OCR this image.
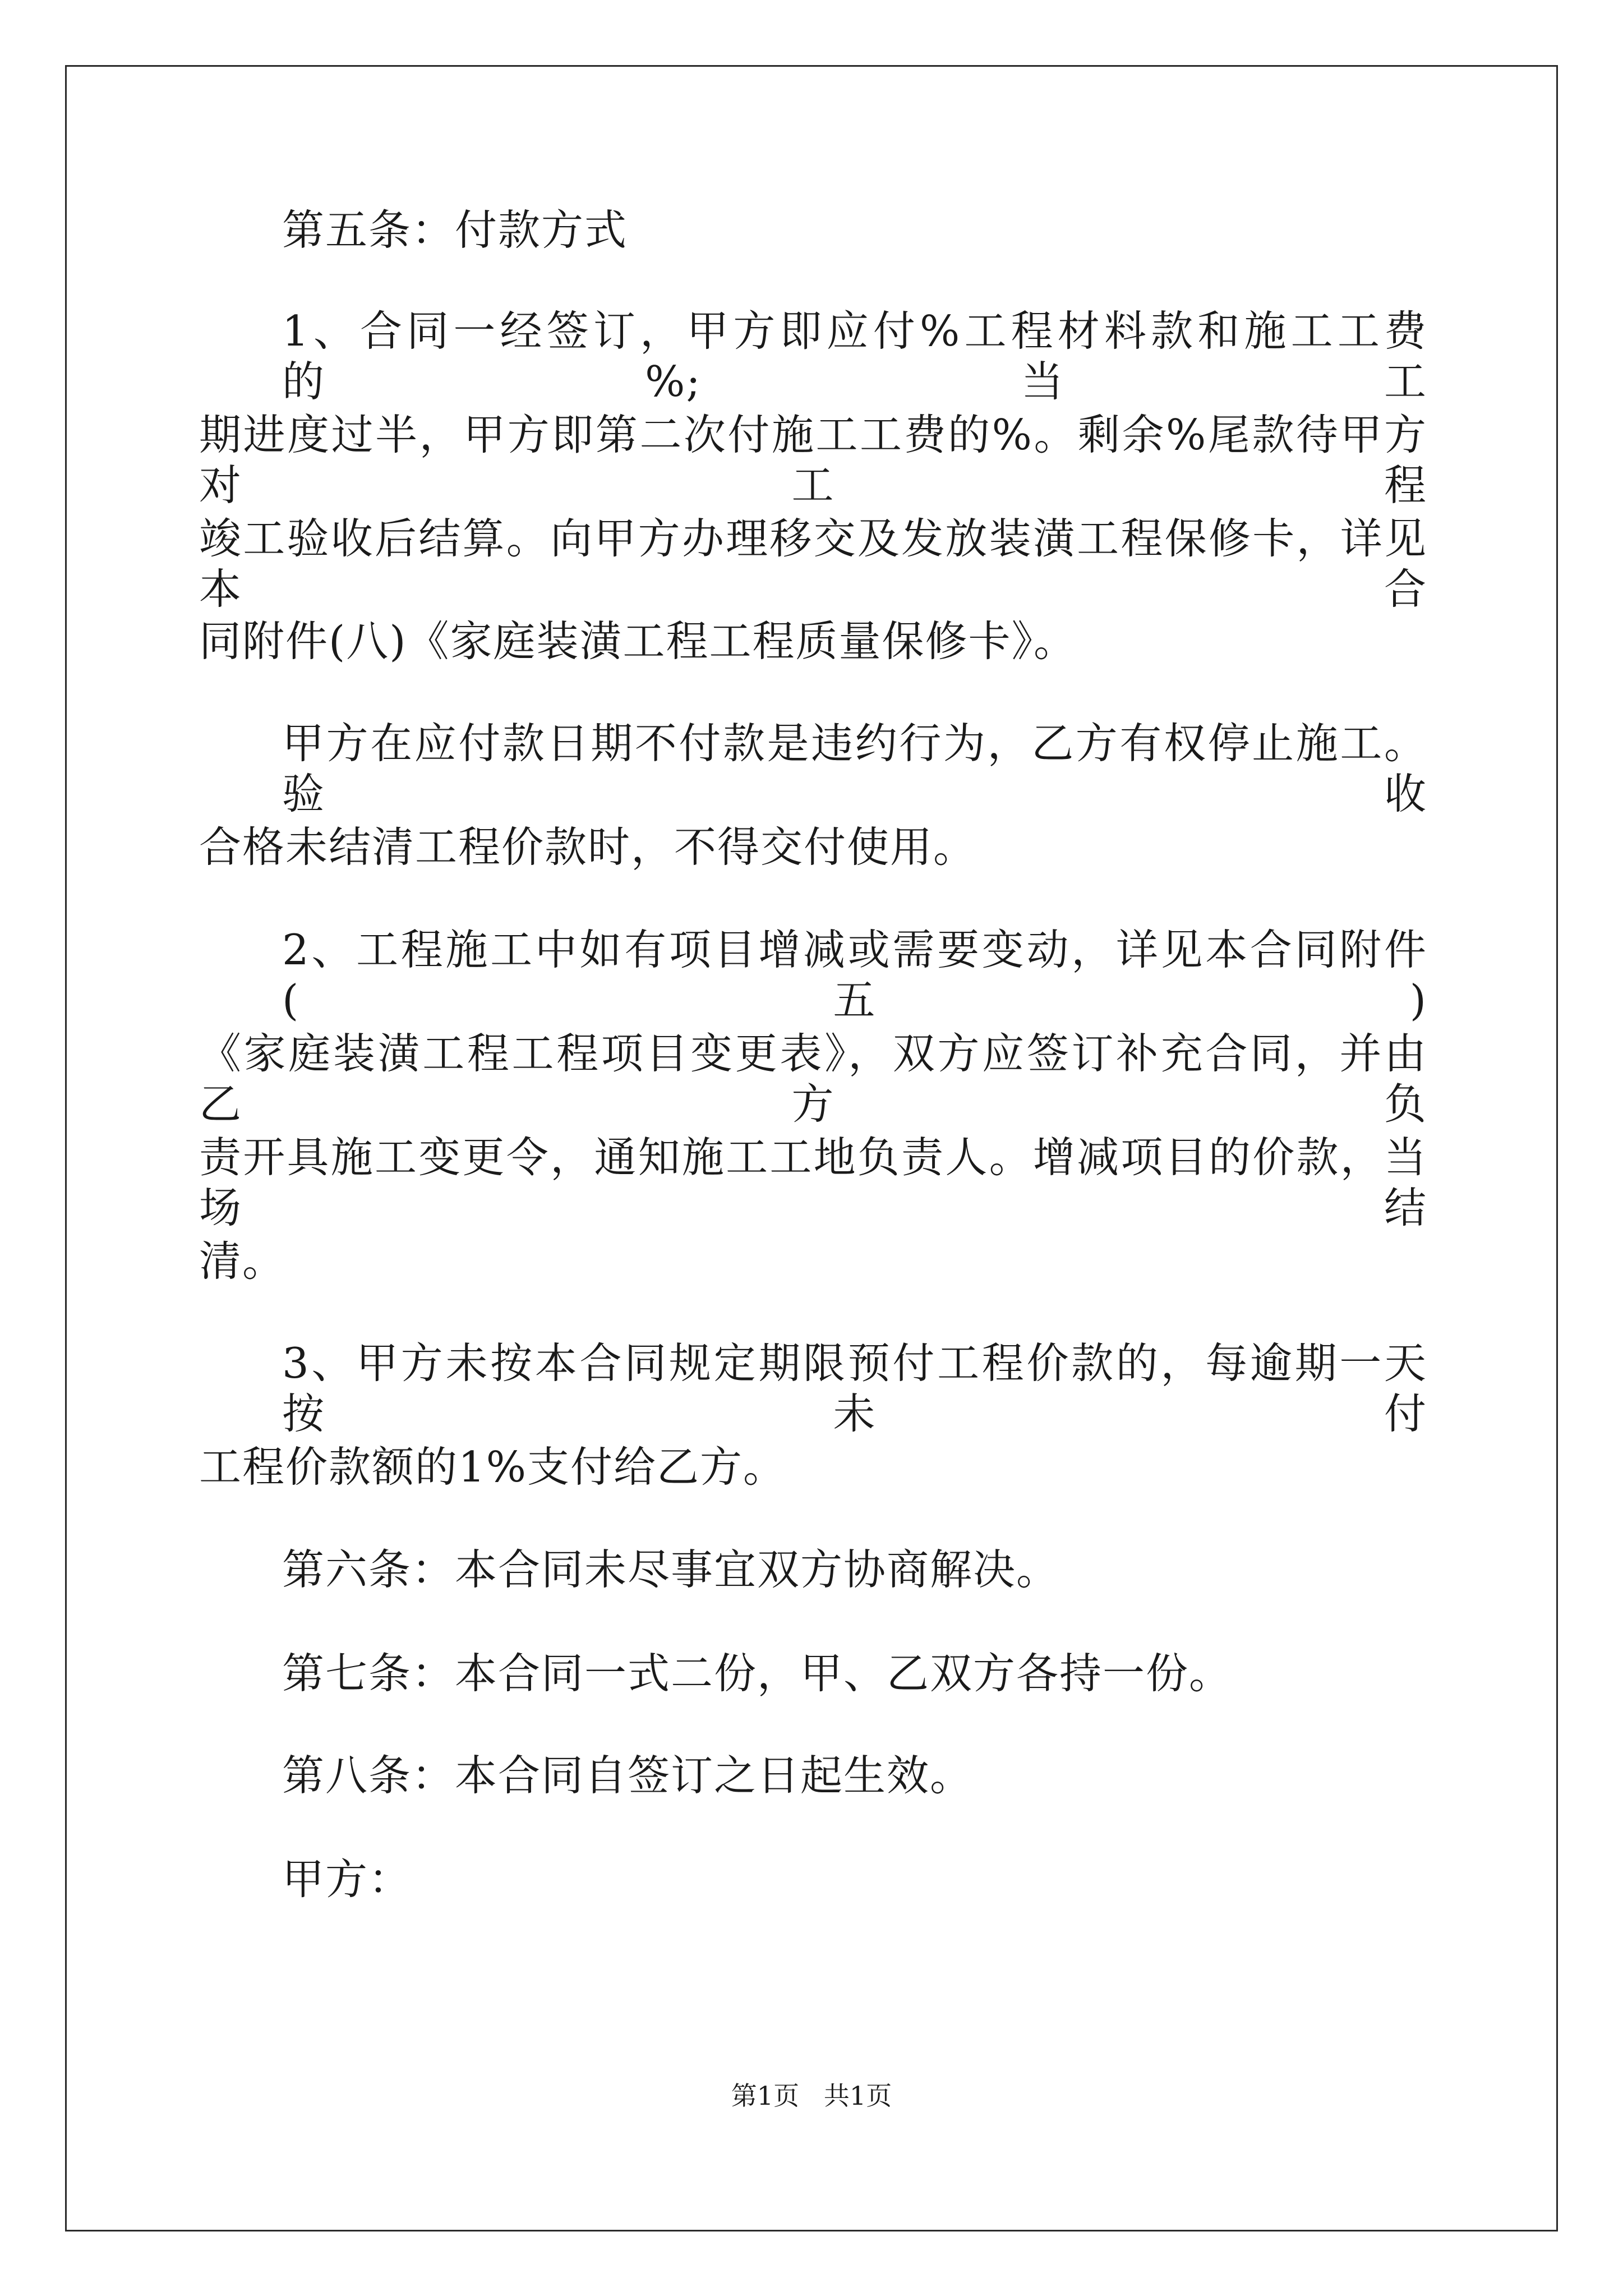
第五条：付款方式
1、合同一经签订，甲方即应付%工程材料款和施工工费的%;当工
期进度过半，甲方即第二次付施工工费的%。剩余%尾款待甲方对工程
竣工验收后结算。向甲方办理移交及发放装潢工程保修卡，详见本合
同附件(八)《家庭装潢工程工程质量保修卡》。
甲方在应付款日期不付款是违约行为，乙方有权停止施工。验收
合格未结清工程价款时，不得交付使用。
2、工程施工中如有项目增减或需要变动，详见本合同附件(五)
《家庭装潢工程工程项目变更表》，双方应签订补充合同，并由乙方负
责开具施工变更令，通知施工工地负责人。增减项目的价款，当场结
清。
3、甲方未按本合同规定期限预付工程价款的，每逾期一天按未付
工程价款额的1%支付给乙方。
第六条：本合同未尽事宜双方协商解决。
第七条：本合同一式二份，甲、乙双方各持一份。
第八条：本合同自签订之日起生效。
甲方：
第1页   共1页
